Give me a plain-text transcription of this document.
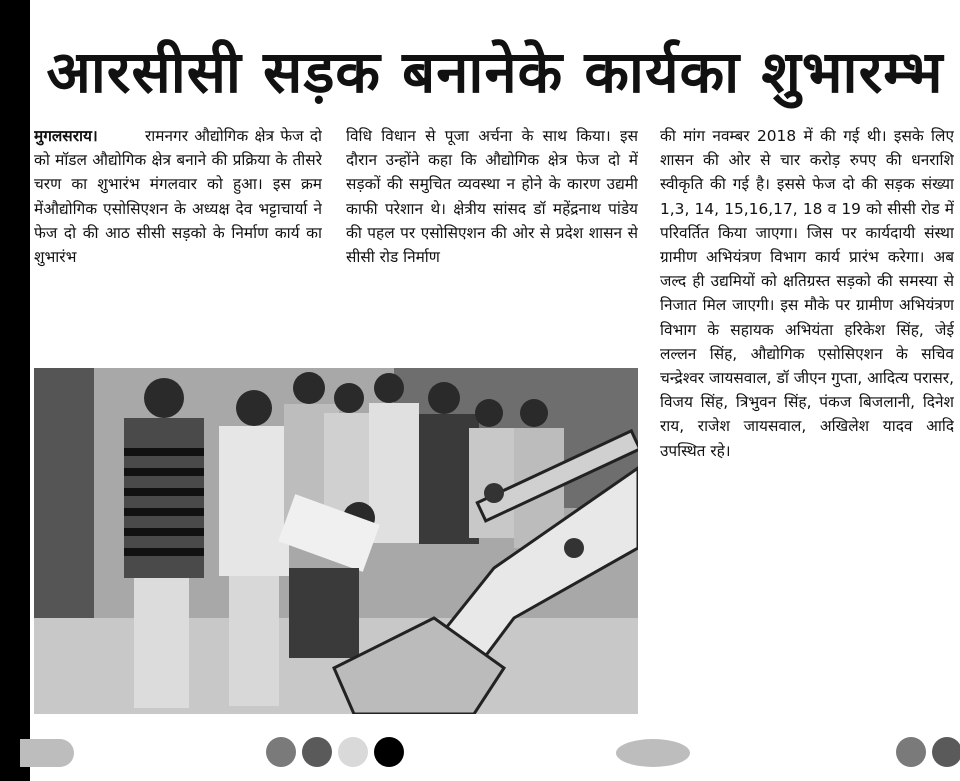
आरसीसी सड़क बनानेके कार्यका शुभारम्भ
मुगलसराय।       रामनगर औद्योगिक क्षेत्र फेज दो को मॉडल औद्योगिक क्षेत्र बनाने की प्रक्रिया के तीसरे चरण का शुभारंभ मंगलवार को हुआ। इस क्रम मेंऔद्योगिक एसोसिएशन के अध्यक्ष देव भट्टाचार्या ने फेज दो की आठ सीसी सड़को के निर्माण कार्य का शुभारंभ
विधि विधान से पूजा अर्चना के साथ किया। इस दौरान उन्होंने कहा कि औद्योगिक क्षेत्र फेज दो में सड़कों की समुचित व्यवस्था न होने के कारण उद्यमी काफी परेशान थे। क्षेत्रीय सांसद डॉ महेंद्रनाथ पांडेय की पहल पर एसोसिएशन की ओर से प्रदेश शासन से सीसी रोड निर्माण
की मांग नवम्बर 2018 में की गई थी। इसके लिए शासन की ओर से चार करोड़ रुपए की धनराशि स्वीकृति की गई है। इससे फेज दो की सड़क संख्या 1,3, 14, 15,16,17, 18 व 19 को सीसी रोड में परिवर्तित किया जाएगा। जिस पर कार्यदायी संस्था ग्रामीण अभियंत्रण विभाग कार्य प्रारंभ करेगा। अब जल्द ही उद्यमियों को क्षतिग्रस्त सड़को की समस्या से निजात मिल जाएगी। इस मौके पर ग्रामीण अभियंत्रण विभाग के सहायक अभियंता हरिकेश सिंह, जेई लल्लन सिंह, औद्योगिक एसोसिएशन के सचिव चन्द्रेश्वर जायसवाल, डॉ जीएन गुप्ता, आदित्य परासर, विजय सिंह, त्रिभुवन सिंह, पंकज बिजलानी, दिनेश राय, राजेश जायसवाल, अखिलेश यादव आदि उपस्थित रहे।
